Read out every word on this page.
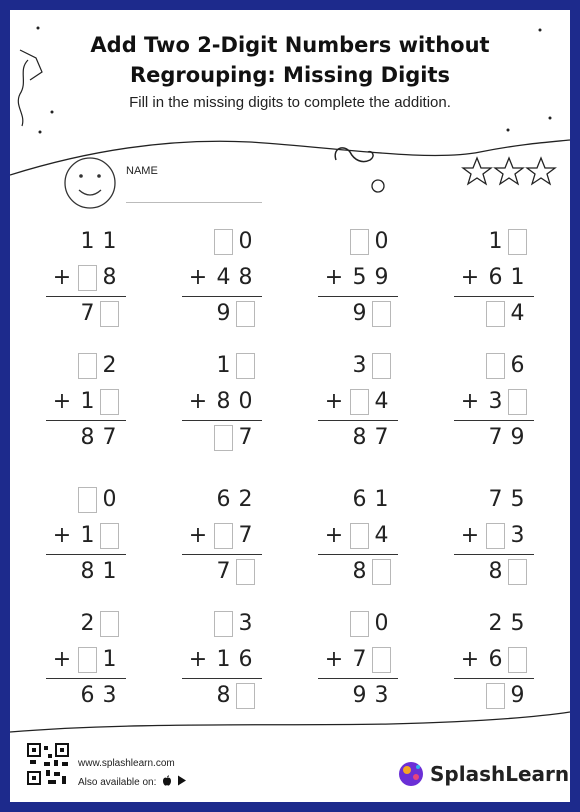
Add Two 2-Digit Numbers without
Regrouping: Missing Digits
Fill in the missing digits to complete the addition.
NAME
1 1
+ 8
7
0
+ 4 8
9
0
+ 5 9
9
1
+ 6 1
4
2
+ 1
8 7
1
+ 8 0
7
3
+ 4
8 7
6
+ 3
7 9
0
+ 1
8 1
6 2
+ 7
7
6 1
+ 4
8
7 5
+ 3
8
2
+ 1
6 3
3
+ 1 6
8
0
+ 7
9 3
2 5
+ 6
9
www.splashlearn.com
Also available on:	SplashLearn
